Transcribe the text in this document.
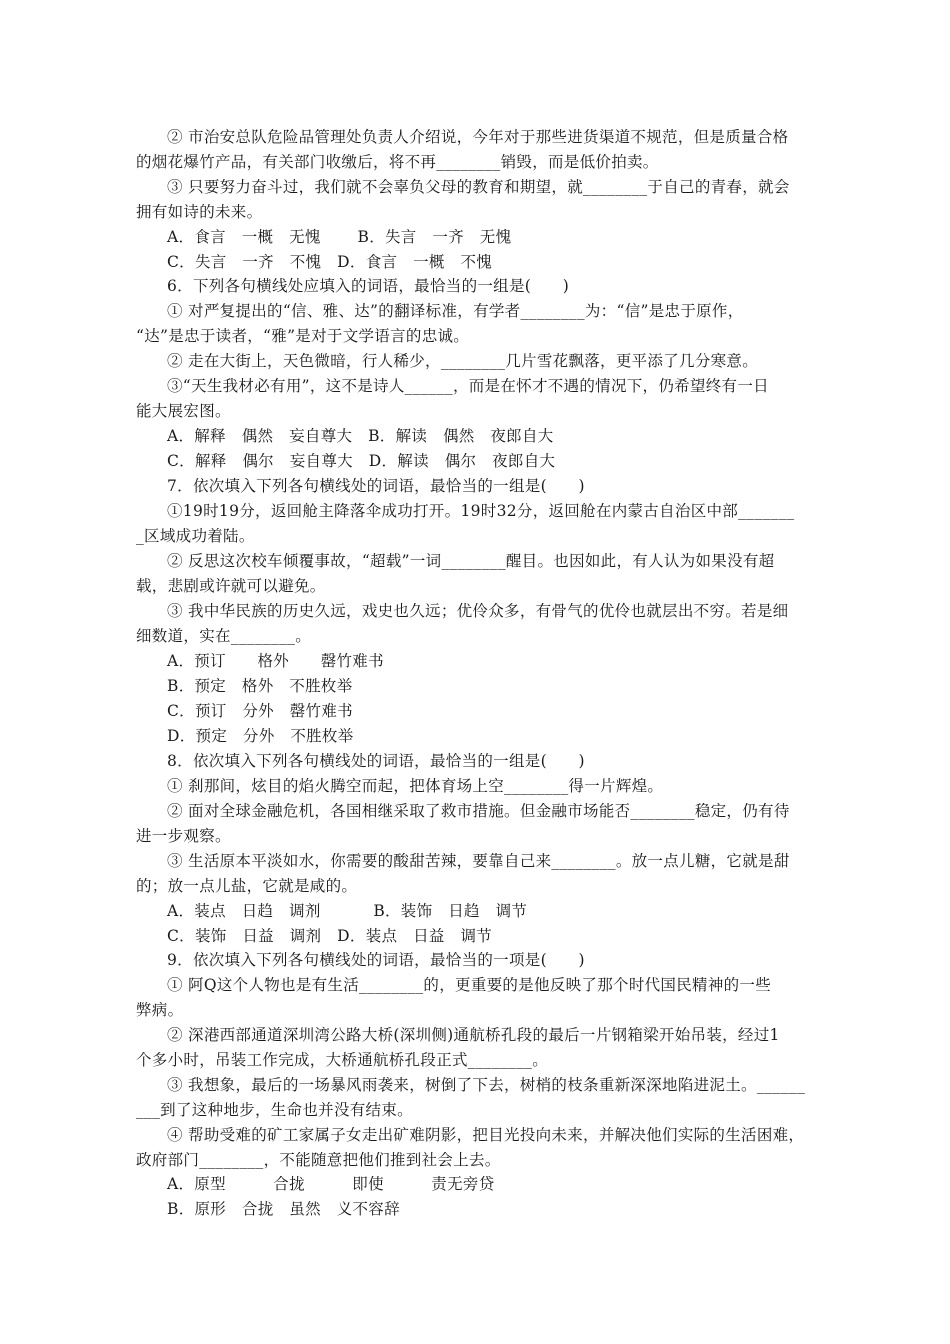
② 市治安总队危险品管理处负责人介绍说，今年对于那些进货渠道不规范，但是质量合格
的烟花爆竹产品，有关部门收缴后，将不再________销毁，而是低价拍卖。
③ 只要努力奋斗过，我们就不会辜负父母的教育和期望，就________于自己的青春，就会
拥有如诗的未来。
A．食言　一概　无愧　　 B．失言　一齐　无愧
C．失言　一齐　不愧　D．食言　一概　不愧
6．下列各句横线处应填入的词语，最恰当的一组是(　　)
① 对严复提出的“信、雅、达”的翻译标准，有学者________为：“信”是忠于原作，
“达”是忠于读者，“雅”是对于文学语言的忠诚。
② 走在大街上，天色微暗，行人稀少，________几片雪花飘落，更平添了几分寒意。
③“天生我材必有用”，这不是诗人______，而是在怀才不遇的情况下，仍希望终有一日
能大展宏图。
A．解释　偶然　妄自尊大　B．解读　偶然　夜郎自大
C．解释　偶尔　妄自尊大　D．解读　偶尔　夜郎自大
7．依次填入下列各句横线处的词语，最恰当的一组是(　　)
①19时19分，返回舱主降落伞成功打开。19时32分，返回舱在内蒙古自治区中部_______
_区域成功着陆。
② 反思这次校车倾覆事故，“超载”一词________醒目。也因如此，有人认为如果没有超
载，悲剧或许就可以避免。
③ 我中华民族的历史久远，戏史也久远；优伶众多，有骨气的优伶也就层出不穷。若是细
细数道，实在________。
A．预订　　格外　　罄竹难书
B．预定　格外　不胜枚举
C．预订　分外　罄竹难书
D．预定　分外　不胜枚举
8．依次填入下列各句横线处的词语，最恰当的一组是(　　)
① 刹那间，炫目的焰火腾空而起，把体育场上空________得一片辉煌。
② 面对全球金融危机，各国相继采取了救市措施。但金融市场能否________稳定，仍有待
进一步观察。
③ 生活原本平淡如水，你需要的酸甜苦辣，要靠自己来________。放一点儿糖，它就是甜
的；放一点儿盐，它就是咸的。
A．装点　日趋　调剂　　　 B．装饰　日趋　调节
C．装饰　日益　调剂　D．装点　日益　调节
9．依次填入下列各句横线处的词语，最恰当的一项是(　　)
① 阿Q这个人物也是有生活________的，更重要的是他反映了那个时代国民精神的一些
弊病。
② 深港西部通道深圳湾公路大桥(深圳侧)通航桥孔段的最后一片钢箱梁开始吊装，经过1
个多小时，吊装工作完成，大桥通航桥孔段正式________。
③ 我想象，最后的一场暴风雨袭来，树倒了下去，树梢的枝条重新深深地陷进泥土。______
___到了这种地步，生命也并没有结束。
④ 帮助受难的矿工家属子女走出矿难阴影，把目光投向未来，并解决他们实际的生活困难，
政府部门________，不能随意把他们推到社会上去。
A．原型　　　合拢　　　即使　　　责无旁贷
B．原形　合拢　虽然　义不容辞
